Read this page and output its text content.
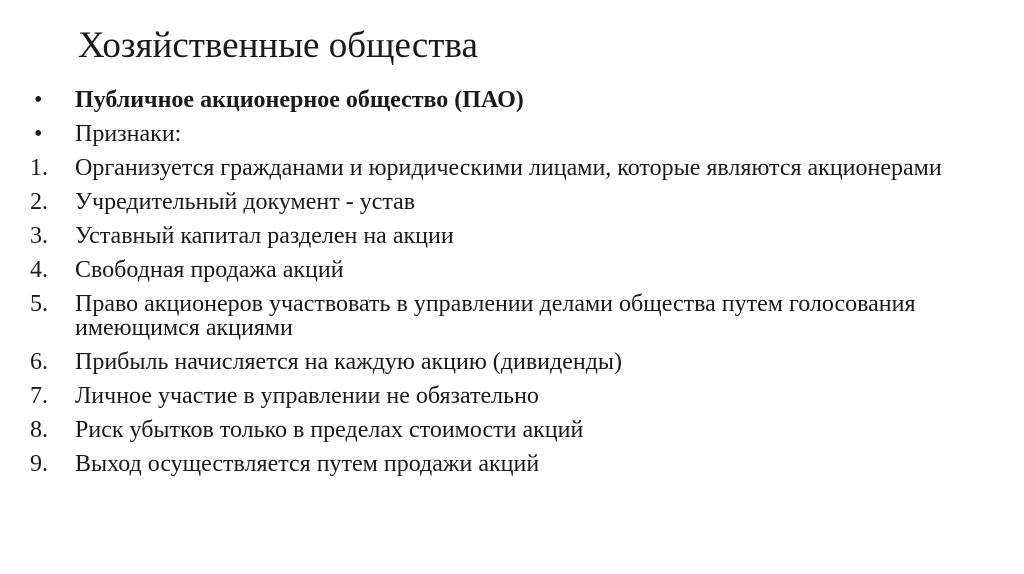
Хозяйственные общества
• Публичное акционерное общество (ПАО)
• Признаки:
1. Организуется гражданами и юридическими лицами, которые являются акционерами
2. Учредительный документ - устав
3. Уставный капитал разделен на акции
4. Свободная продажа акций
5. Право акционеров участвовать в управлении делами общества путем голосования имеющимся акциями
6. Прибыль начисляется на каждую акцию (дивиденды)
7. Личное участие в управлении не обязательно
8. Риск убытков только в пределах стоимости акций
9. Выход осуществляется путем продажи акций
